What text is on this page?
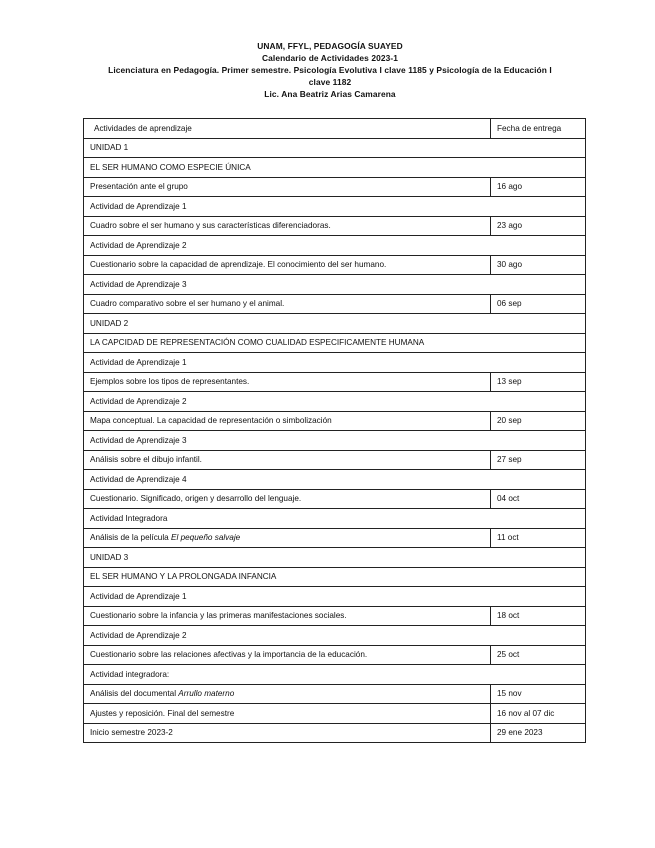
UNAM, FFYL, PEDAGOGÍA SUAYED
Calendario de Actividades 2023-1
Licenciatura en Pedagogía. Primer semestre. Psicología Evolutiva I clave 1185 y Psicología de la Educación I
clave 1182
Lic. Ana Beatriz Arias Camarena
Actividades de aprendizaje	Fecha de entrega
UNIDAD 1	
EL SER HUMANO COMO ESPECIE ÚNICA	
Presentación ante el grupo	16 ago
Actividad de Aprendizaje 1	
Cuadro sobre el ser humano y sus características diferenciadoras.	23 ago
Actividad de Aprendizaje 2	
Cuestionario sobre la capacidad de aprendizaje. El conocimiento del ser humano.	30 ago
Actividad de Aprendizaje 3	
Cuadro comparativo sobre el ser humano y el animal.	06 sep
UNIDAD 2	
LA CAPCIDAD DE REPRESENTACIÓN COMO CUALIDAD ESPECIFICAMENTE HUMANA	
Actividad de Aprendizaje 1	
Ejemplos sobre los tipos de representantes.	13 sep
Actividad de Aprendizaje 2	
Mapa conceptual. La capacidad de representación o simbolización	20 sep
Actividad de Aprendizaje 3	
Análisis sobre el dibujo infantil.	27 sep
Actividad de Aprendizaje 4	
Cuestionario. Significado, origen y desarrollo del lenguaje.	04 oct
Actividad Integradora	
Análisis de la película El pequeño salvaje	11 oct
UNIDAD 3	
EL SER HUMANO Y LA PROLONGADA INFANCIA	
Actividad de Aprendizaje 1	
Cuestionario sobre la infancia y las primeras manifestaciones sociales.	18 oct
Actividad de Aprendizaje 2	
Cuestionario sobre las relaciones afectivas y la importancia de la educación.	25 oct
Actividad integradora:	
Análisis del documental Arrullo materno	15 nov
Ajustes y reposición. Final del semestre	16 nov al 07 dic
Inicio semestre 2023-2	29 ene 2023
